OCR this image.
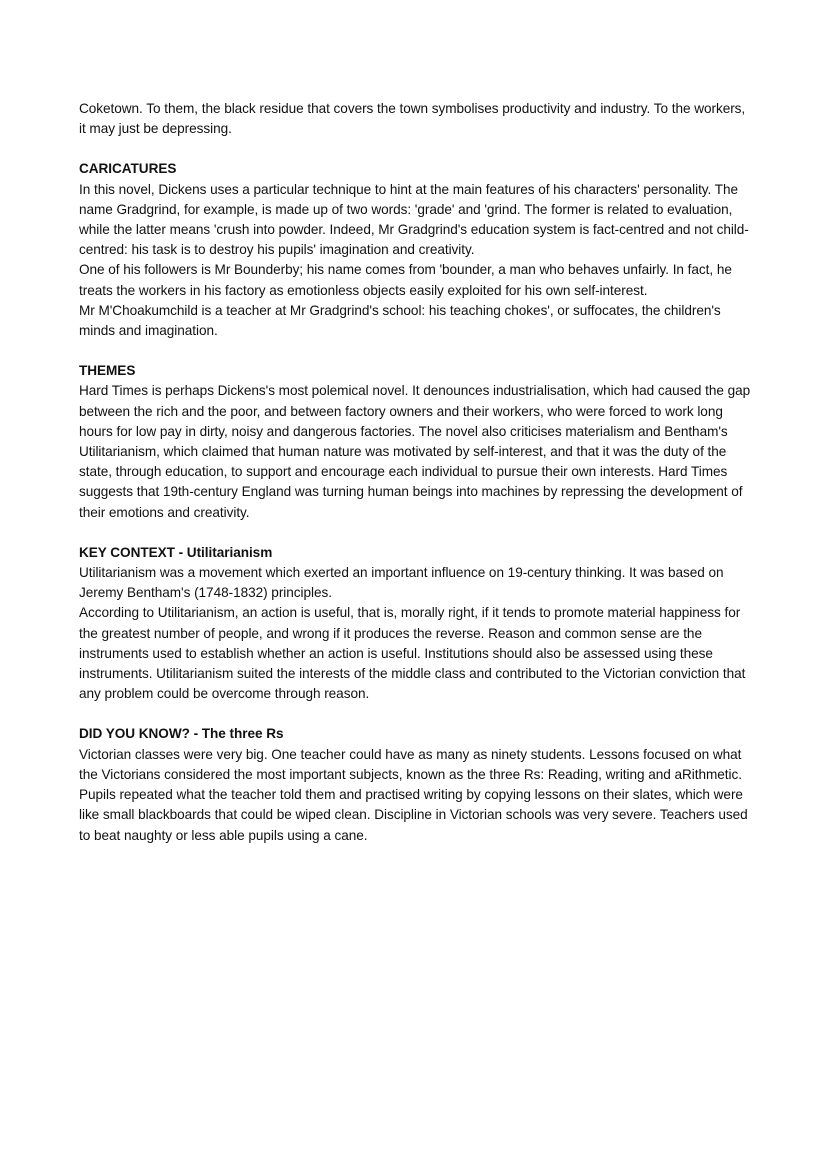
Coketown. To them, the black residue that covers the town symbolises productivity and industry. To the workers, it may just be depressing.

CARICATURES

In this novel, Dickens uses a particular technique to hint at the main features of his characters' personality. The name Gradgrind, for example, is made up of two words: 'grade' and 'grind. The former is related to evaluation, while the latter means 'crush into powder. Indeed, Mr Gradgrind's education system is fact-centred and not child-centred: his task is to destroy his pupils' imagination and creativity.

One of his followers is Mr Bounderby; his name comes from 'bounder, a man who behaves unfairly. In fact, he treats the workers in his factory as emotionless objects easily exploited for his own self-interest.

Mr M'Choakumchild is a teacher at Mr Gradgrind's school: his teaching chokes', or suffocates, the children's minds and imagination.

THEMES

Hard Times is perhaps Dickens's most polemical novel. It denounces industrialisation, which had caused the gap between the rich and the poor, and between factory owners and their workers, who were forced to work long hours for low pay in dirty, noisy and dangerous factories. The novel also criticises materialism and Bentham's Utilitarianism, which claimed that human nature was motivated by self-interest, and that it was the duty of the state, through education, to support and encourage each individual to pursue their own interests. Hard Times suggests that 19th-century England was turning human beings into machines by repressing the development of their emotions and creativity.

KEY CONTEXT - Utilitarianism

Utilitarianism was a movement which exerted an important influence on 19-century thinking. It was based on Jeremy Bentham's (1748-1832) principles.

According to Utilitarianism, an action is useful, that is, morally right, if it tends to promote material happiness for the greatest number of people, and wrong if it produces the reverse. Reason and common sense are the instruments used to establish whether an action is useful. Institutions should also be assessed using these instruments. Utilitarianism suited the interests of the middle class and contributed to the Victorian conviction that any problem could be overcome through reason.

DID YOU KNOW? - The three Rs

Victorian classes were very big. One teacher could have as many as ninety students. Lessons focused on what the Victorians considered the most important subjects, known as the three Rs: Reading, writing and aRithmetic. Pupils repeated what the teacher told them and practised writing by copying lessons on their slates, which were like small blackboards that could be wiped clean. Discipline in Victorian schools was very severe. Teachers used to beat naughty or less able pupils using a cane.
